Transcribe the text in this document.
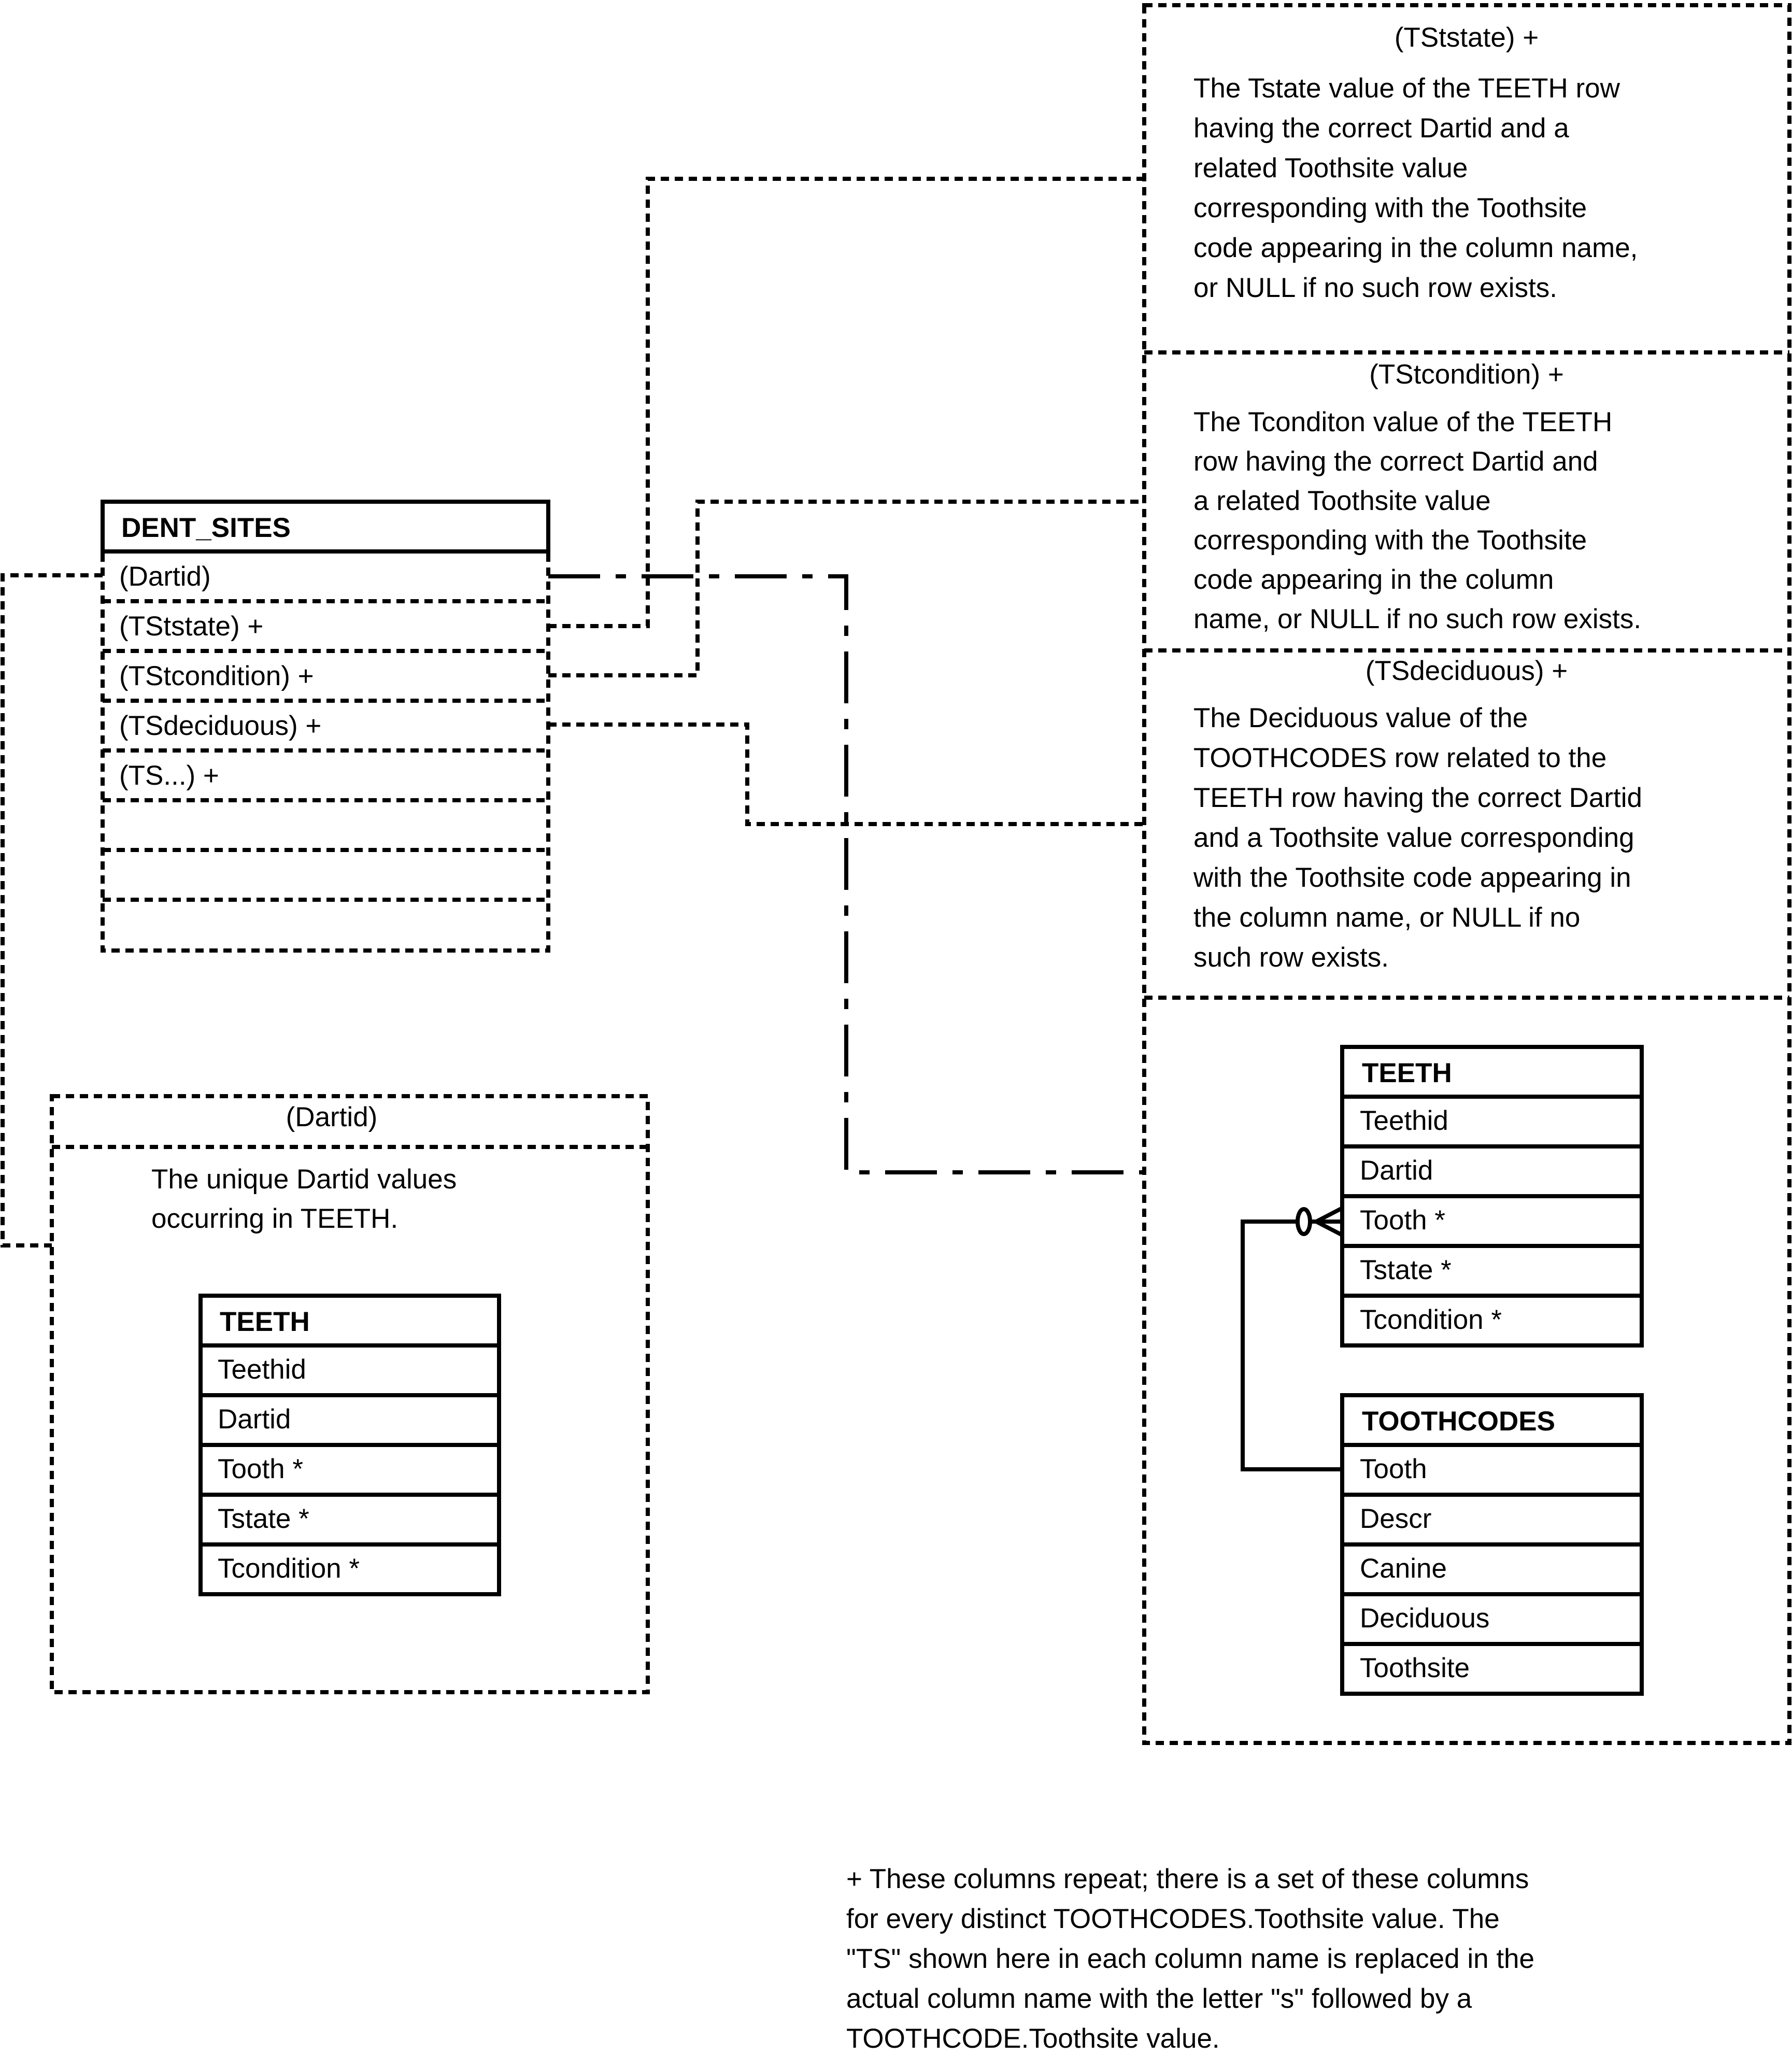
DENT_SITES
(Dartid)
(TStstate) +
(TStcondition) +
(TSdeciduous) +
(TS...) +
(Dartid)
The unique Dartid values
occurring in TEETH.
TEETH
Teethid
Dartid
Tooth *
Tstate *
Tcondition *
(TStstate) +
The Tstate value of the TEETH row
having the correct Dartid and a
related Toothsite value
corresponding with the Toothsite
code appearing in the column name,
or NULL if no such row exists.
(TStcondition) +
The Tconditon value of the TEETH
row having the correct Dartid and
a related Toothsite value
corresponding with the Toothsite
code appearing in the column
name, or NULL if no such row exists.
(TSdeciduous) +
The Deciduous value of the
TOOTHCODES row related to the
TEETH row having the correct Dartid
and a Toothsite value corresponding
with the Toothsite code appearing in
the column name, or NULL if no
such row exists.
TEETH
Teethid
Dartid
Tooth *
Tstate *
Tcondition *
TOOTHCODES
Tooth
Descr
Canine
Deciduous
Toothsite
+ These columns repeat; there is a set of these columns
for every distinct TOOTHCODES.Toothsite value. The
"TS" shown here in each column name is replaced in the
actual column name with the letter "s" followed by a
TOOTHCODE.Toothsite value.
